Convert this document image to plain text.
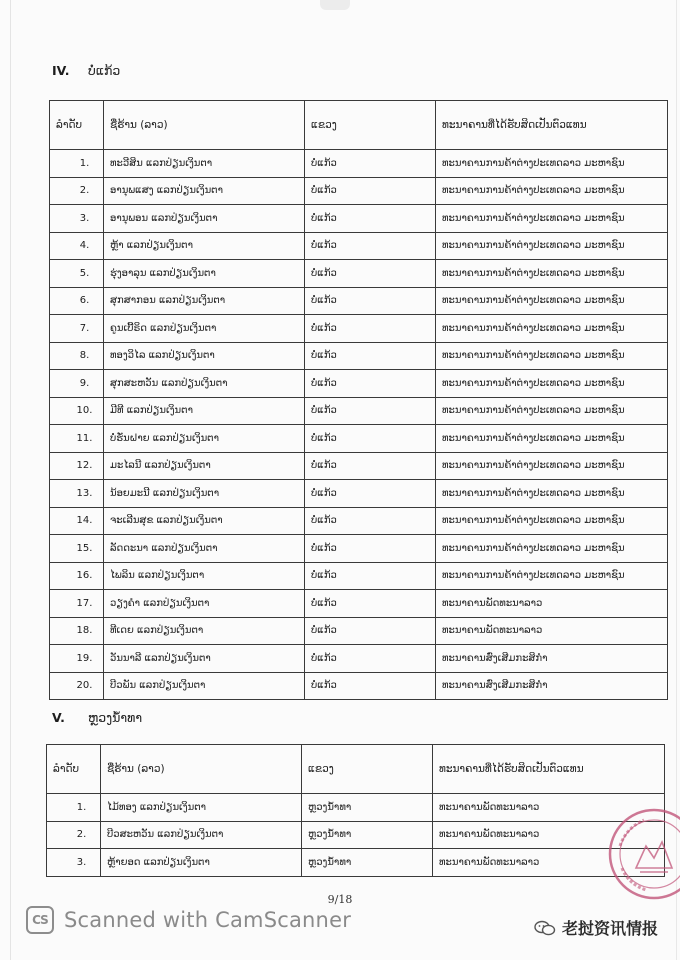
IV. ບໍ່ແກ້ວ
ລຳດັບ	ຊື່ຮ້ານ (ລາວ)	ແຂວງ	ທະນາຄານທີ່ໄດ້ຮັບສິດເປັນຕົວແທນ
1.	ທະວີສິນ ແລກປ່ຽນເງິນຕາ	ບໍ່ແກ້ວ	ທະນາຄານການຄ້າຕ່າງປະເທດລາວ ມະຫາຊົນ
2.	ອານຸພແສງ ແລກປ່ຽນເງິນຕາ	ບໍ່ແກ້ວ	ທະນາຄານການຄ້າຕ່າງປະເທດລາວ ມະຫາຊົນ
3.	ອານຸພອນ ແລກປ່ຽນເງິນຕາ	ບໍ່ແກ້ວ	ທະນາຄານການຄ້າຕ່າງປະເທດລາວ ມະຫາຊົນ
4.	ຫຼ້າ ແລກປ່ຽນເງິນຕາ	ບໍ່ແກ້ວ	ທະນາຄານການຄ້າຕ່າງປະເທດລາວ ມະຫາຊົນ
5.	ຮຸ່ງອາລຸນ ແລກປ່ຽນເງິນຕາ	ບໍ່ແກ້ວ	ທະນາຄານການຄ້າຕ່າງປະເທດລາວ ມະຫາຊົນ
6.	ສຸກສາກອນ ແລກປ່ຽນເງິນຕາ	ບໍ່ແກ້ວ	ທະນາຄານການຄ້າຕ່າງປະເທດລາວ ມະຫາຊົນ
7.	ຄູນເບີ້ຣິດ ແລກປ່ຽນເງິນຕາ	ບໍ່ແກ້ວ	ທະນາຄານການຄ້າຕ່າງປະເທດລາວ ມະຫາຊົນ
8.	ທອງວິໄລ ແລກປ່ຽນເງິນຕາ	ບໍ່ແກ້ວ	ທະນາຄານການຄ້າຕ່າງປະເທດລາວ ມະຫາຊົນ
9.	ສຸກສະຫວັນ ແລກປ່ຽນເງິນຕາ	ບໍ່ແກ້ວ	ທະນາຄານການຄ້າຕ່າງປະເທດລາວ ມະຫາຊົນ
10.	ມີທີ ແລກປ່ຽນເງິນຕາ	ບໍ່ແກ້ວ	ທະນາຄານການຄ້າຕ່າງປະເທດລາວ ມະຫາຊົນ
11.	ບໍ່ຮັ່ນຝາຍ ແລກປ່ຽນເງິນຕາ	ບໍ່ແກ້ວ	ທະນາຄານການຄ້າຕ່າງປະເທດລາວ ມະຫາຊົນ
12.	ມະໄລນີ ແລກປ່ຽນເງິນຕາ	ບໍ່ແກ້ວ	ທະນາຄານການຄ້າຕ່າງປະເທດລາວ ມະຫາຊົນ
13.	ນ້ອຍມະນີ ແລກປ່ຽນເງິນຕາ	ບໍ່ແກ້ວ	ທະນາຄານການຄ້າຕ່າງປະເທດລາວ ມະຫາຊົນ
14.	ຈະເລີນສຸຂ ແລກປ່ຽນເງິນຕາ	ບໍ່ແກ້ວ	ທະນາຄານການຄ້າຕ່າງປະເທດລາວ ມະຫາຊົນ
15.	ລັດດະນາ ແລກປ່ຽນເງິນຕາ	ບໍ່ແກ້ວ	ທະນາຄານການຄ້າຕ່າງປະເທດລາວ ມະຫາຊົນ
16.	ໄພລິນ ແລກປ່ຽນເງິນຕາ	ບໍ່ແກ້ວ	ທະນາຄານການຄ້າຕ່າງປະເທດລາວ ມະຫາຊົນ
17.	ວຽງຄໍາ ແລກປ່ຽນເງິນຕາ	ບໍ່ແກ້ວ	ທະນາຄານພັດທະນາລາວ
18.	ທີເດຍ ແລກປ່ຽນເງິນຕາ	ບໍ່ແກ້ວ	ທະນາຄານພັດທະນາລາວ
19.	ວັນນາລີ ແລກປ່ຽນເງິນຕາ	ບໍ່ແກ້ວ	ທະນາຄານສົ່ງເສີມກະສິກໍາ
20.	ບີວພັນ ແລກປ່ຽນເງິນຕາ	ບໍ່ແກ້ວ	ທະນາຄານສົ່ງເສີມກະສິກໍາ
V. ຫຼວງນໍ້າທາ
ລຳດັບ	ຊື່ຮ້ານ (ລາວ)	ແຂວງ	ທະນາຄານທີ່ໄດ້ຮັບສິດເປັນຕົວແທນ
1.	ໄມ້ທອງ ແລກປ່ຽນເງິນຕາ	ຫຼວງນໍ້າທາ	ທະນາຄານພັດທະນາລາວ
2.	ບີວສະຫວັນ ແລກປ່ຽນເງິນຕາ	ຫຼວງນໍ້າທາ	ທະນາຄານພັດທະນາລາວ
3.	ຫຼ້າຍອດ ແລກປ່ຽນເງິນຕາ	ຫຼວງນໍ້າທາ	ທະນາຄານພັດທະນາລາວ
9/18
CS Scanned with CamScanner	老挝资讯情报
